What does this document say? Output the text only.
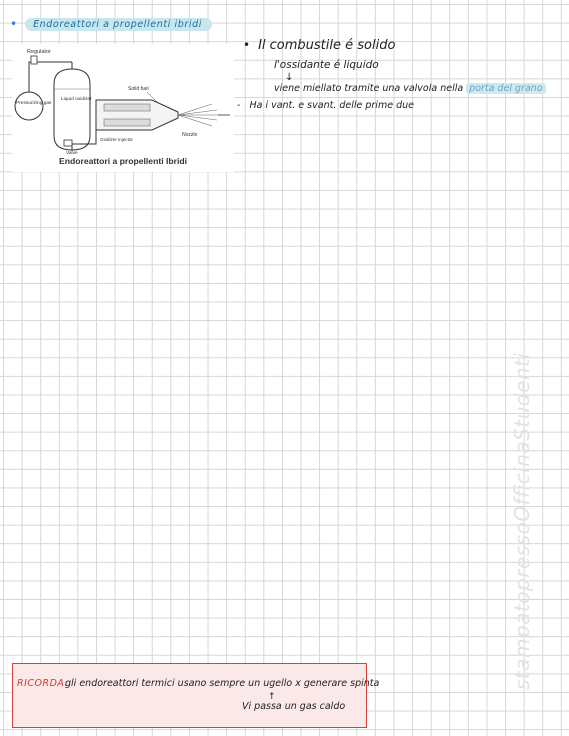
•	Endoreattori a propellenti ibridi
Regulator
Pressurizing gas
Liquid oxidizer
Solid fuel
Nozzle
Oxidizer injector
Valve
Endoreattori a propellenti Ibridi
• Il combustile é solido
l'ossidante é liquido
↓
viene miellato tramite una valvola nella porta del grano
- Ha i vant. e svant. delle prime due
stampatopressoOfficinaStudenti
RICORDA:
gli endoreattori termici usano sempre un ugello x generare spinta
↑
Vi passa un gas caldo
